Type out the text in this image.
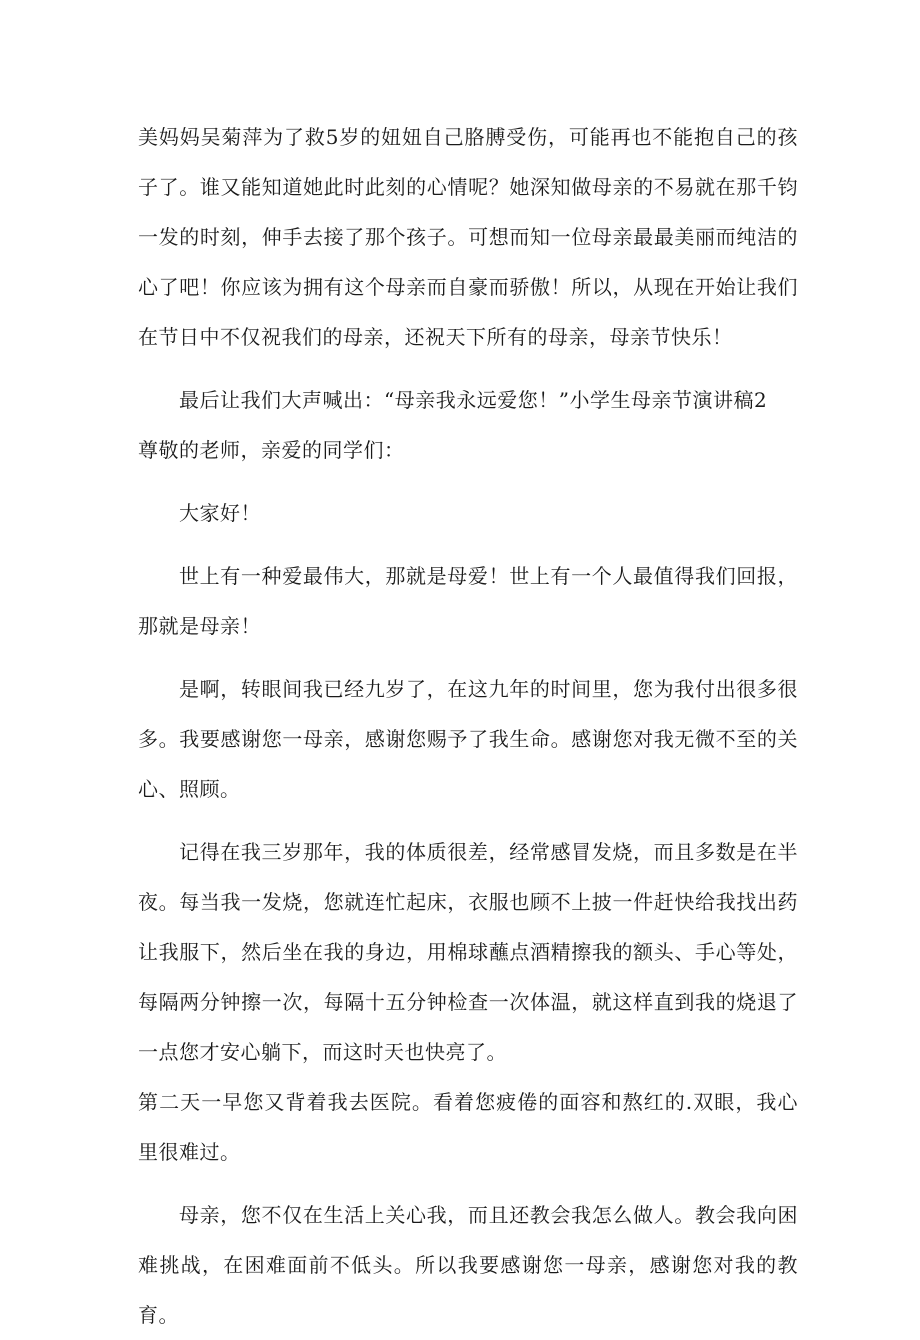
美妈妈吴菊萍为了救5岁的妞妞自己胳膊受伤，可能再也不能抱自己的孩子了。谁又能知道她此时此刻的心情呢？她深知做母亲的不易就在那千钧一发的时刻，伸手去接了那个孩子。可想而知一位母亲最最美丽而纯洁的心了吧！你应该为拥有这个母亲而自豪而骄傲！所以，从现在开始让我们在节日中不仅祝我们的母亲，还祝天下所有的母亲，母亲节快乐！

最后让我们大声喊出：“母亲我永远爱您！”小学生母亲节演讲稿2

尊敬的老师，亲爱的同学们：

大家好！

世上有一种爱最伟大，那就是母爱！世上有一个人最值得我们回报，那就是母亲！

是啊，转眼间我已经九岁了，在这九年的时间里，您为我付出很多很多。我要感谢您一母亲，感谢您赐予了我生命。感谢您对我无微不至的关心、照顾。

记得在我三岁那年，我的体质很差，经常感冒发烧，而且多数是在半夜。每当我一发烧，您就连忙起床，衣服也顾不上披一件赶快给我找出药让我服下，然后坐在我的身边，用棉球蘸点酒精擦我的额头、手心等处，每隔两分钟擦一次，每隔十五分钟检查一次体温，就这样直到我的烧退了一点您才安心躺下，而这时天也快亮了。

第二天一早您又背着我去医院。看着您疲倦的面容和熬红的.双眼，我心里很难过。

母亲，您不仅在生活上关心我，而且还教会我怎么做人。教会我向困难挑战，在困难面前不低头。所以我要感谢您一母亲，感谢您对我的教育。
